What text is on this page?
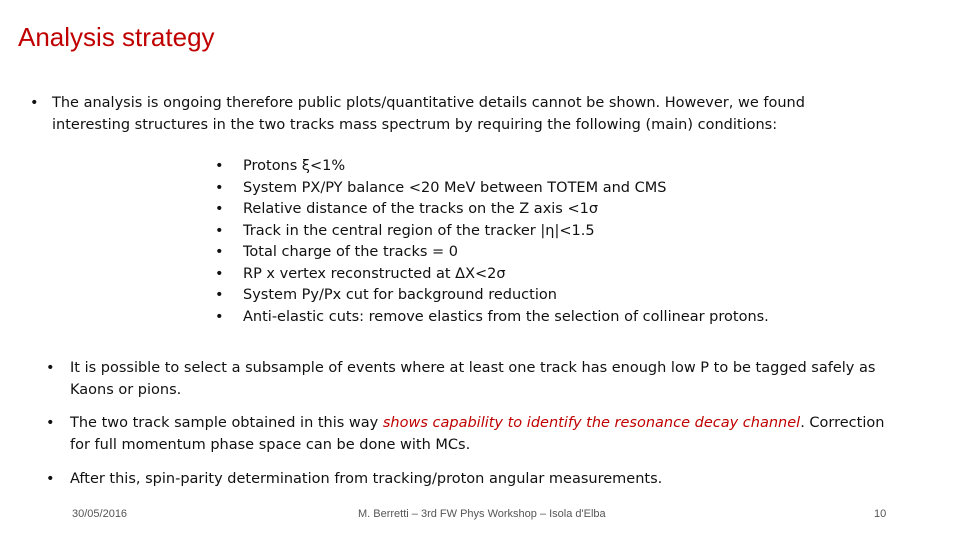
Analysis strategy
• The analysis is ongoing therefore public plots/quantitative details cannot be shown. However, we found interesting structures in the two tracks mass spectrum by requiring the following (main) conditions:
•	Protons ξ<1%
•	System PX/PY balance <20 MeV between TOTEM and CMS
•	Relative distance of the tracks on the Z axis <1σ
•	Track in the central region of the tracker |η|<1.5
•	Total charge of the tracks = 0
•	RP x vertex reconstructed at ΔX<2σ
•	System Py/Px cut for background reduction
•	Anti-elastic cuts: remove elastics from the selection of collinear protons.
•	It is possible to select a subsample of events where at least one track has enough low P to be tagged safely as Kaons or pions.
•	The two track sample obtained in this way shows capability to identify the resonance decay channel. Correction for full momentum phase space can be done with MCs.
•	After this, spin-parity determination from tracking/proton angular measurements.
30/05/2016	M. Berretti – 3rd FW Phys Workshop – Isola d'Elba	10
